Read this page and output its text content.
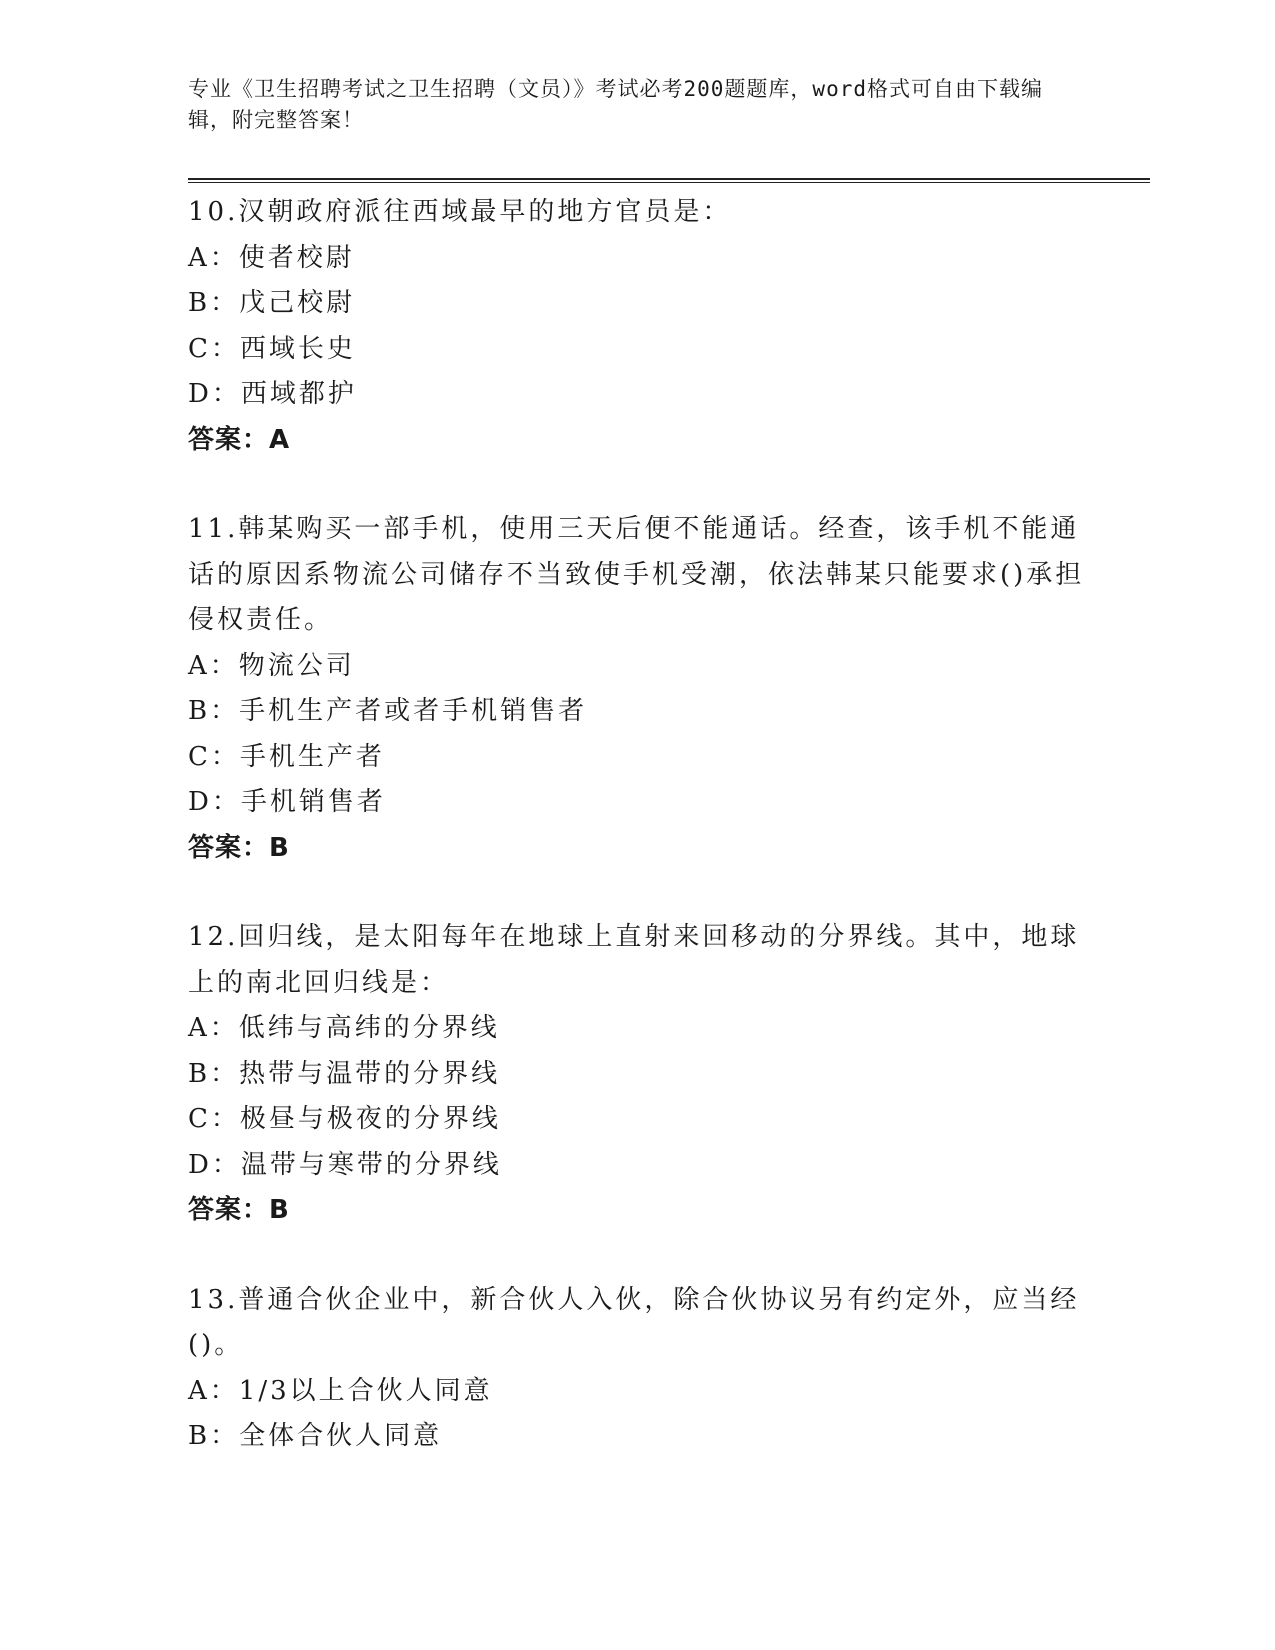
专业《卫生招聘考试之卫生招聘（文员）》考试必考200题题库，word格式可自由下载编辑，附完整答案！
10.汉朝政府派往西域最早的地方官员是：
A：使者校尉
B：戊己校尉
C：西域长史
D：西域都护
答案：A
11.韩某购买一部手机，使用三天后便不能通话。经查，该手机不能通话的原因系物流公司储存不当致使手机受潮，依法韩某只能要求()承担侵权责任。
A：物流公司
B：手机生产者或者手机销售者
C：手机生产者
D：手机销售者
答案：B
12.回归线，是太阳每年在地球上直射来回移动的分界线。其中，地球上的南北回归线是：
A：低纬与高纬的分界线
B：热带与温带的分界线
C：极昼与极夜的分界线
D：温带与寒带的分界线
答案：B
13.普通合伙企业中，新合伙人入伙，除合伙协议另有约定外，应当经()。
A：1/3以上合伙人同意
B：全体合伙人同意
